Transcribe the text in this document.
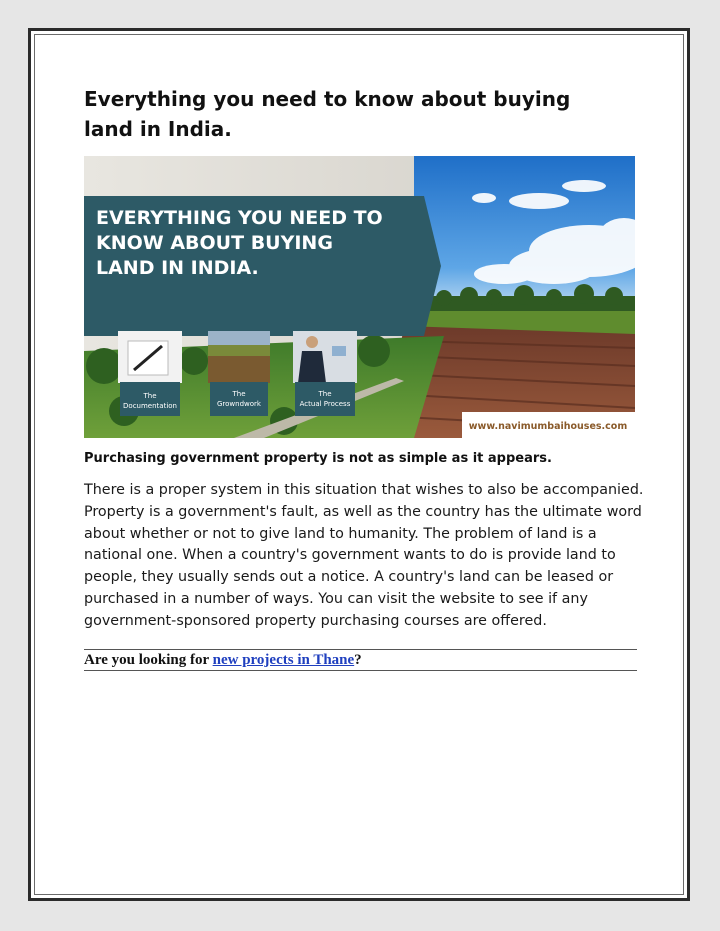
Everything you need to know about buying land in India.
EVERYTHING YOU NEED TO
KNOW ABOUT BUYING
LAND IN INDIA.
The
Documentation
The
Growndwork
The
Actual Process
www.navimumbaihouses.com
Purchasing government property is not as simple as it appears.

There is a proper system in this situation that wishes to also be accompanied. Property is a government's fault, as well as the country has the ultimate word about whether or not to give land to humanity. The problem of land is a national one. When a country's government wants to do is provide land to people, they usually sends out a notice. A country's land can be leased or purchased in a number of ways. You can visit the website to see if any government-sponsored property purchasing courses are offered.

Are you looking for new projects in Thane?
